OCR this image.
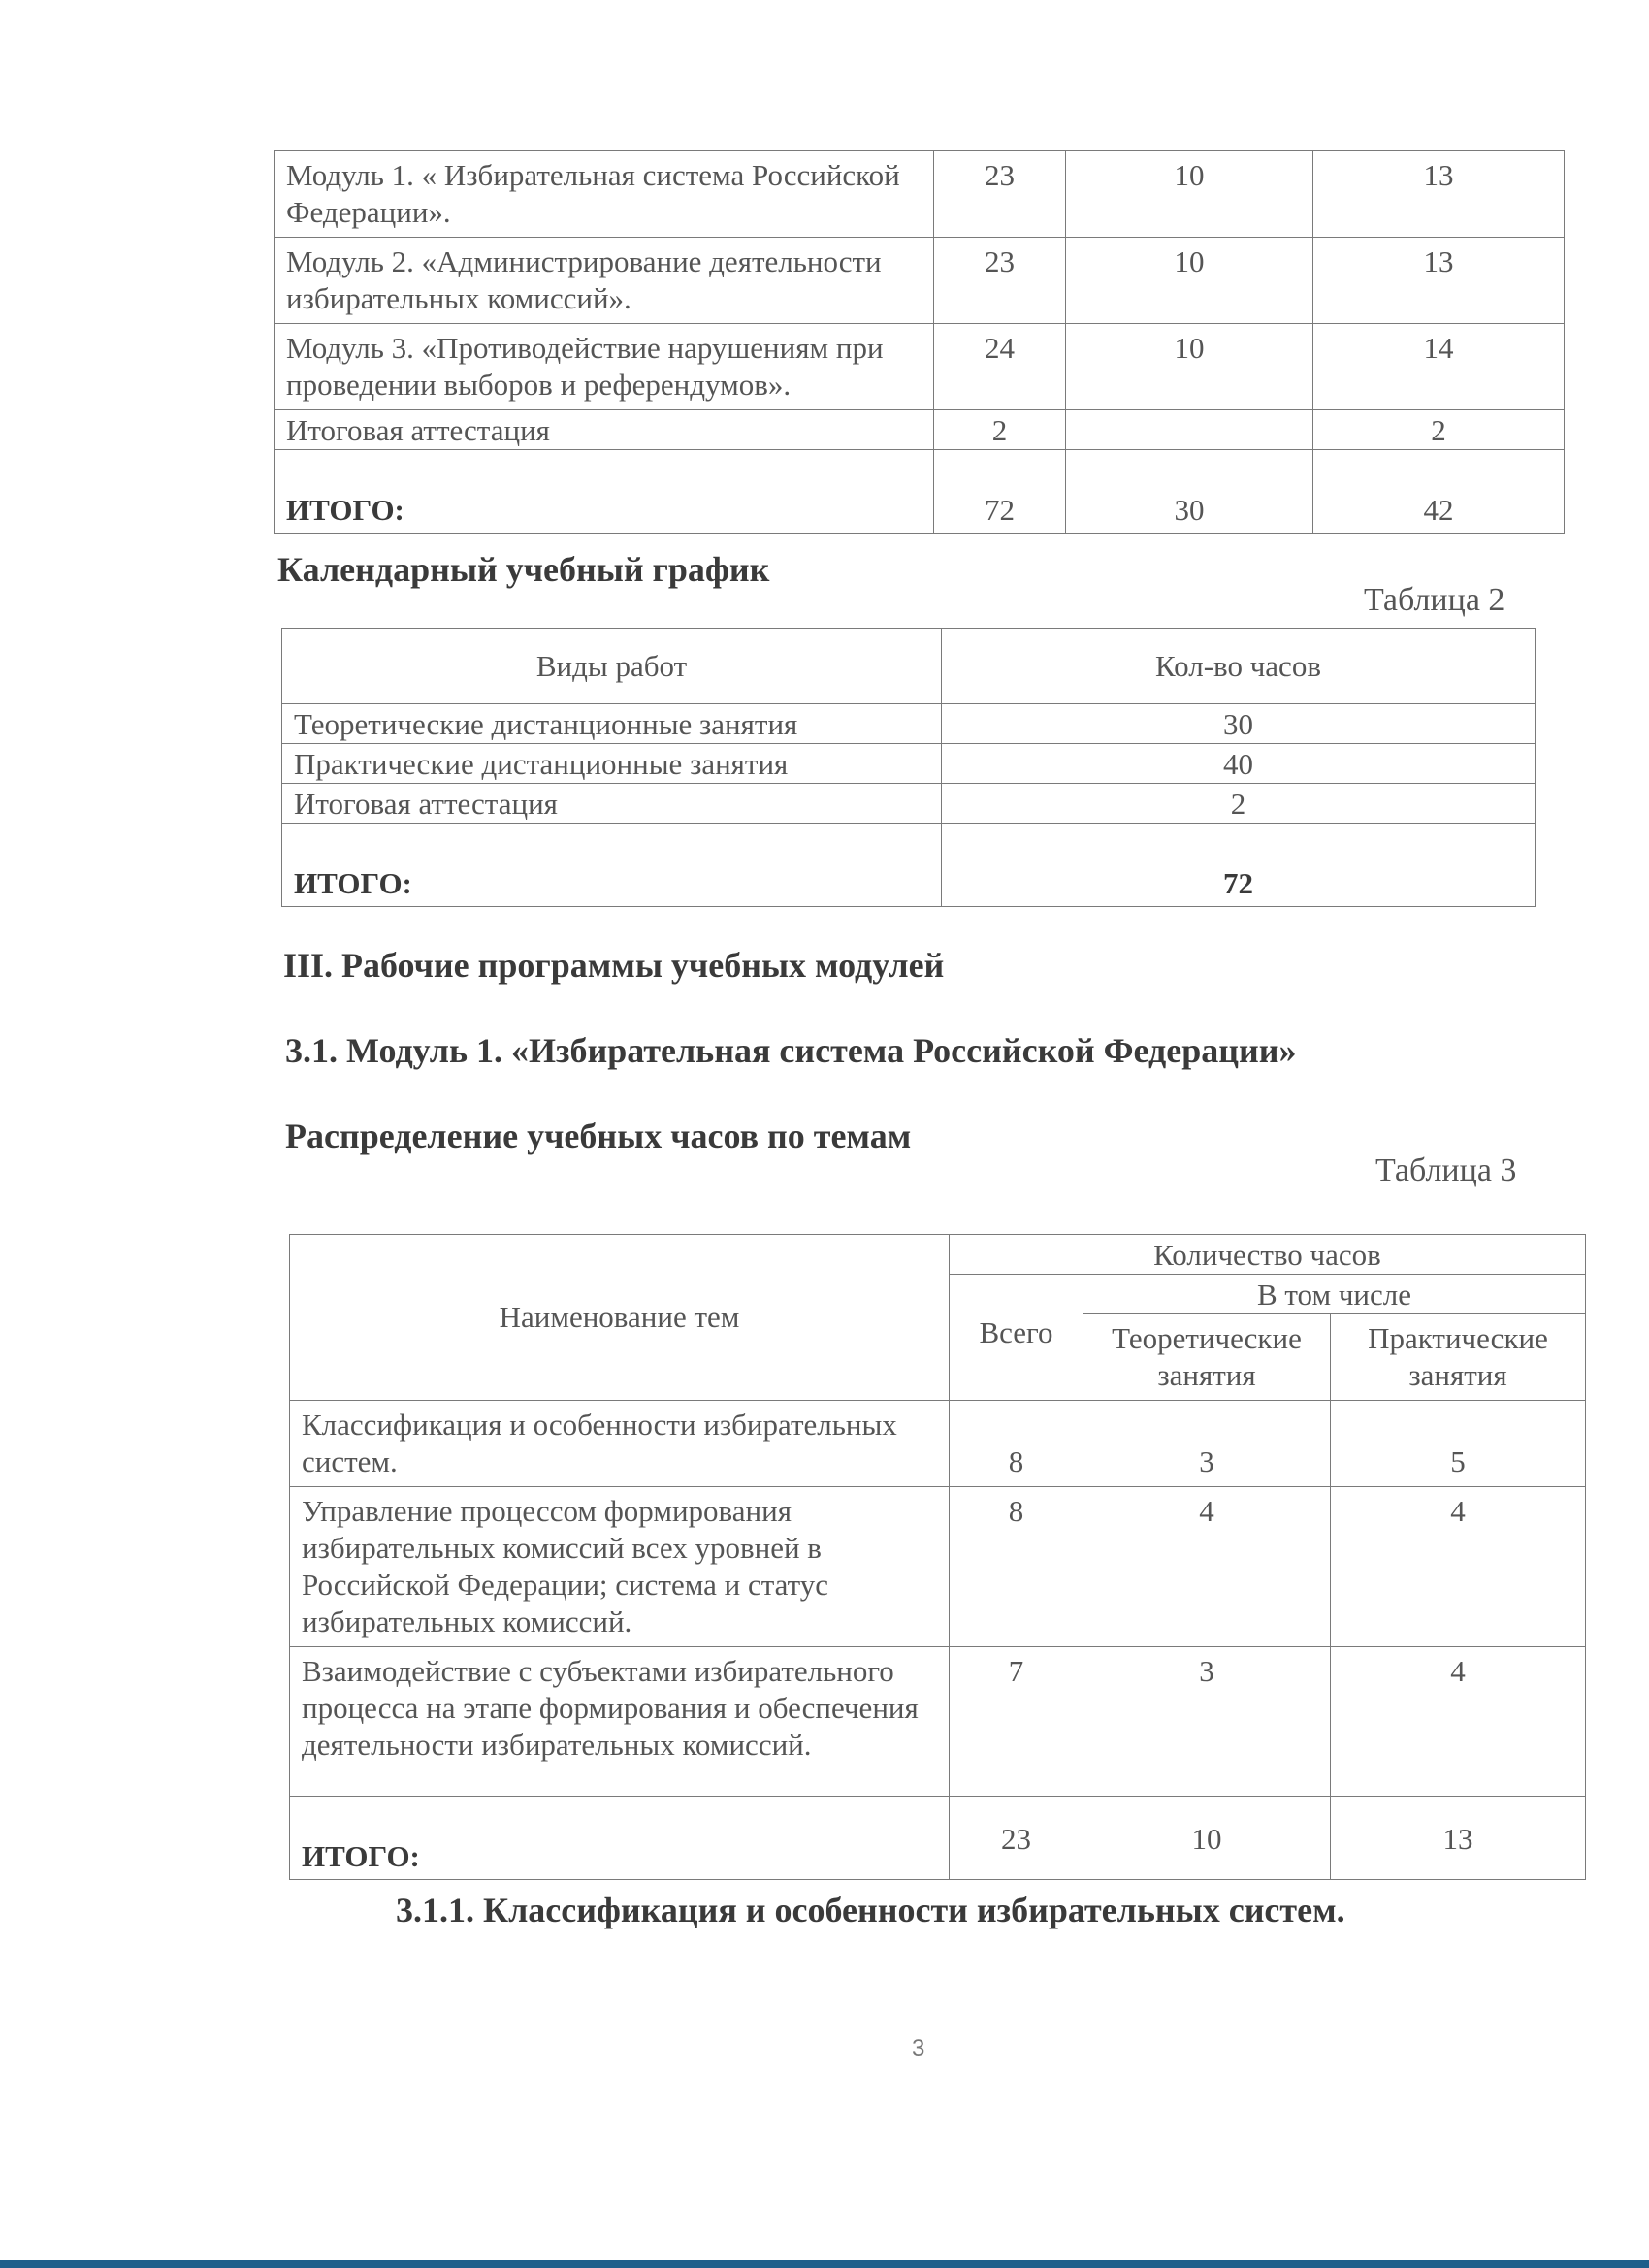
Модуль 1. « Избирательная система Российской Федерации».	23	10	13
Модуль 2. «Администрирование деятельности избирательных комиссий».	23	10	13
Модуль 3. «Противодействие нарушениям при проведении выборов и референдумов».	24	10	14
Итоговая аттестация	2		2
ИТОГО:	72	30	42
Календарный учебный график
Таблица 2
Виды работ	Кол-во часов
Теоретические дистанционные занятия	30
Практические дистанционные занятия	40
Итоговая аттестация	2
ИТОГО:	72
III. Рабочие программы учебных модулей
3.1. Модуль 1. «Избирательная система Российской Федерации»
Распределение учебных часов по темам
Таблица 3
Наименование тем	Количество часов		
		В том числе	
	Всего	Теоретические занятия	Практические занятия
Классификация и особенности избирательных систем.	8	3	5
Управление процессом формирования избирательных комиссий всех уровней в Российской Федерации; система и статус избирательных комиссий.	8	4	4
Взаимодействие с субъектами избирательного процесса на этапе формирования и обеспечения деятельности избирательных комиссий.	7	3	4
ИТОГО:	23	10	13
3.1.1. Классификация и особенности избирательных систем.
3
